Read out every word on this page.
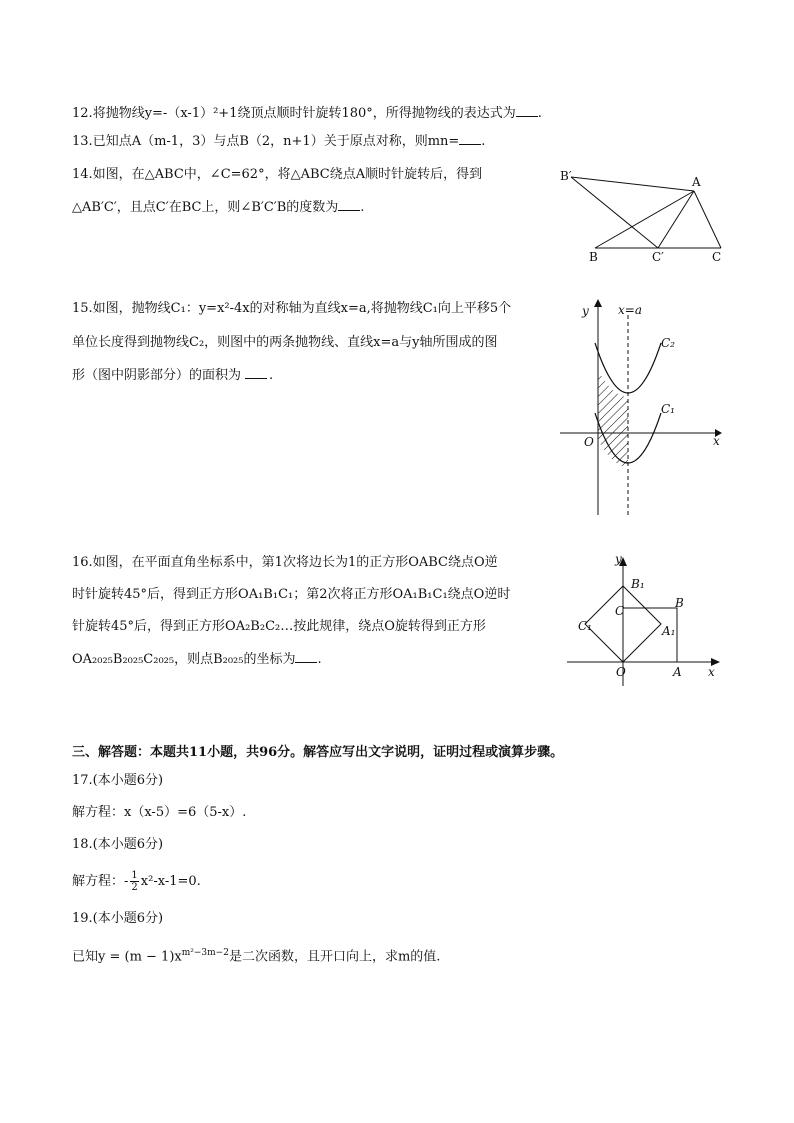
12.将抛物线y=-（x-1）²+1绕顶点顺时针旋转180°，所得抛物线的表达式为 .
13.已知点A（m-1，3）与点B（2，n+1）关于原点对称，则mn= .
14.如图，在△ABC中，∠C=62°，将△ABC绕点A顺时针旋转后，得到
△AB′C′，且点C′在BC上，则∠B′C′B的度数为 .
B′	A
B	C′	C
15.如图，抛物线C₁：y=x²-4x的对称轴为直线x=a,将抛物线C₁向上平移5个
单位长度得到抛物线C₂，则图中的两条抛物线、直线x=a与y轴所围成的图
形（图中阴影部分）的面积为 .
y x=a
C₂
C₁
O	x
16.如图，在平面直角坐标系中，第1次将边长为1的正方形OABC绕点O逆
时针旋转45°后，得到正方形OA₁B₁C₁；第2次将正方形OA₁B₁C₁绕点O逆时
针旋转45°后，得到正方形OA₂B₂C₂…按此规律，绕点O旋转得到正方形
OA₂₀₂₅B₂₀₂₅C₂₀₂₅，则点B₂₀₂₅的坐标为 .
y
B₁
C
B
C₁	A₁
O	A x
三、解答题：本题共11小题，共96分。解答应写出文字说明，证明过程或演算步骤。
17.(本小题6分)
解方程：x（x-5）=6（5-x）.
18.(本小题6分)
解方程：- $\frac{1}{2} x^2-x-1=0$.
19.(本小题6分)
已知$y = (m - 1)x^{m^2-3m-2}$是二次函数，且开口向上，求m的值.
